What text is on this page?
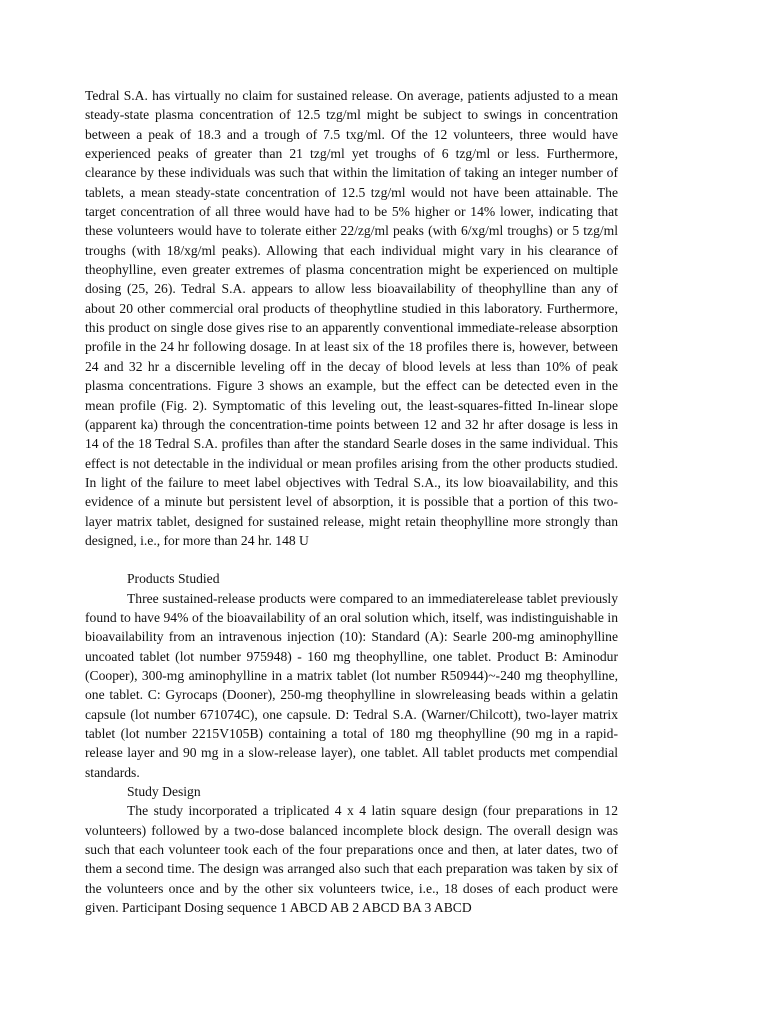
Tedral S.A. has virtually no claim for sustained release. On average, patients adjusted to a mean steady-state plasma concentration of 12.5 tzg/ml might be subject to swings in concentration between a peak of 18.3 and a trough of 7.5 txg/ml. Of the 12 volunteers, three would have experienced peaks of greater than 21 tzg/ml yet troughs of 6 tzg/ml or less. Furthermore, clearance by these individuals was such that within the limitation of taking an integer number of tablets, a mean steady-state concentration of 12.5 tzg/ml would not have been attainable. The target concentration of all three would have had to be 5% higher or 14% lower, indicating that these volunteers would have to tolerate either 22/zg/ml peaks (with 6/xg/ml troughs) or 5 tzg/ml troughs (with 18/xg/ml peaks). Allowing that each individual might vary in his clearance of theophylline, even greater extremes of plasma concentration might be experienced on multiple dosing (25, 26). Tedral S.A. appears to allow less bioavailability of theophylline than any of about 20 other commercial oral products of theophytline studied in this laboratory. Furthermore, this product on single dose gives rise to an apparently conventional immediate-release absorption profile in the 24 hr following dosage. In at least six of the 18 profiles there is, however, between 24 and 32 hr a discernible leveling off in the decay of blood levels at less than 10% of peak plasma concentrations. Figure 3 shows an example, but the effect can be detected even in the mean profile (Fig. 2). Symptomatic of this leveling out, the least-squares-fitted In-linear slope (apparent ka) through the concentration-time points between 12 and 32 hr after dosage is less in 14 of the 18 Tedral S.A. profiles than after the standard Searle doses in the same individual. This effect is not detectable in the individual or mean profiles arising from the other products studied. In light of the failure to meet label objectives with Tedral S.A., its low bioavailability, and this evidence of a minute but persistent level of absorption, it is possible that a portion of this two-layer matrix tablet, designed for sustained release, might retain theophylline more strongly than designed, i.e., for more than 24 hr. 148 U

Products Studied

Three sustained-release products were compared to an immediaterelease tablet previously found to have 94% of the bioavailability of an oral solution which, itself, was indistinguishable in bioavailability from an intravenous injection (10): Standard (A): Searle 200-mg aminophylline uncoated tablet (lot number 975948) - 160 mg theophylline, one tablet. Product B: Aminodur (Cooper), 300-mg aminophylline in a matrix tablet (lot number R50944)~-240 mg theophylline, one tablet. C: Gyrocaps (Dooner), 250-mg theophylline in slowreleasing beads within a gelatin capsule (lot number 671074C), one capsule. D: Tedral S.A. (Warner/Chilcott), two-layer matrix tablet (lot number 2215V105B) containing a total of 180 mg theophylline (90 mg in a rapid-release layer and 90 mg in a slow-release layer), one tablet. All tablet products met compendial standards.

Study Design

The study incorporated a triplicated 4 x 4 latin square design (four preparations in 12 volunteers) followed by a two-dose balanced incomplete block design. The overall design was such that each volunteer took each of the four preparations once and then, at later dates, two of them a second time. The design was arranged also such that each preparation was taken by six of the volunteers once and by the other six volunteers twice, i.e., 18 doses of each product were given. Participant Dosing sequence 1 ABCD AB 2 ABCD BA 3 ABCD
